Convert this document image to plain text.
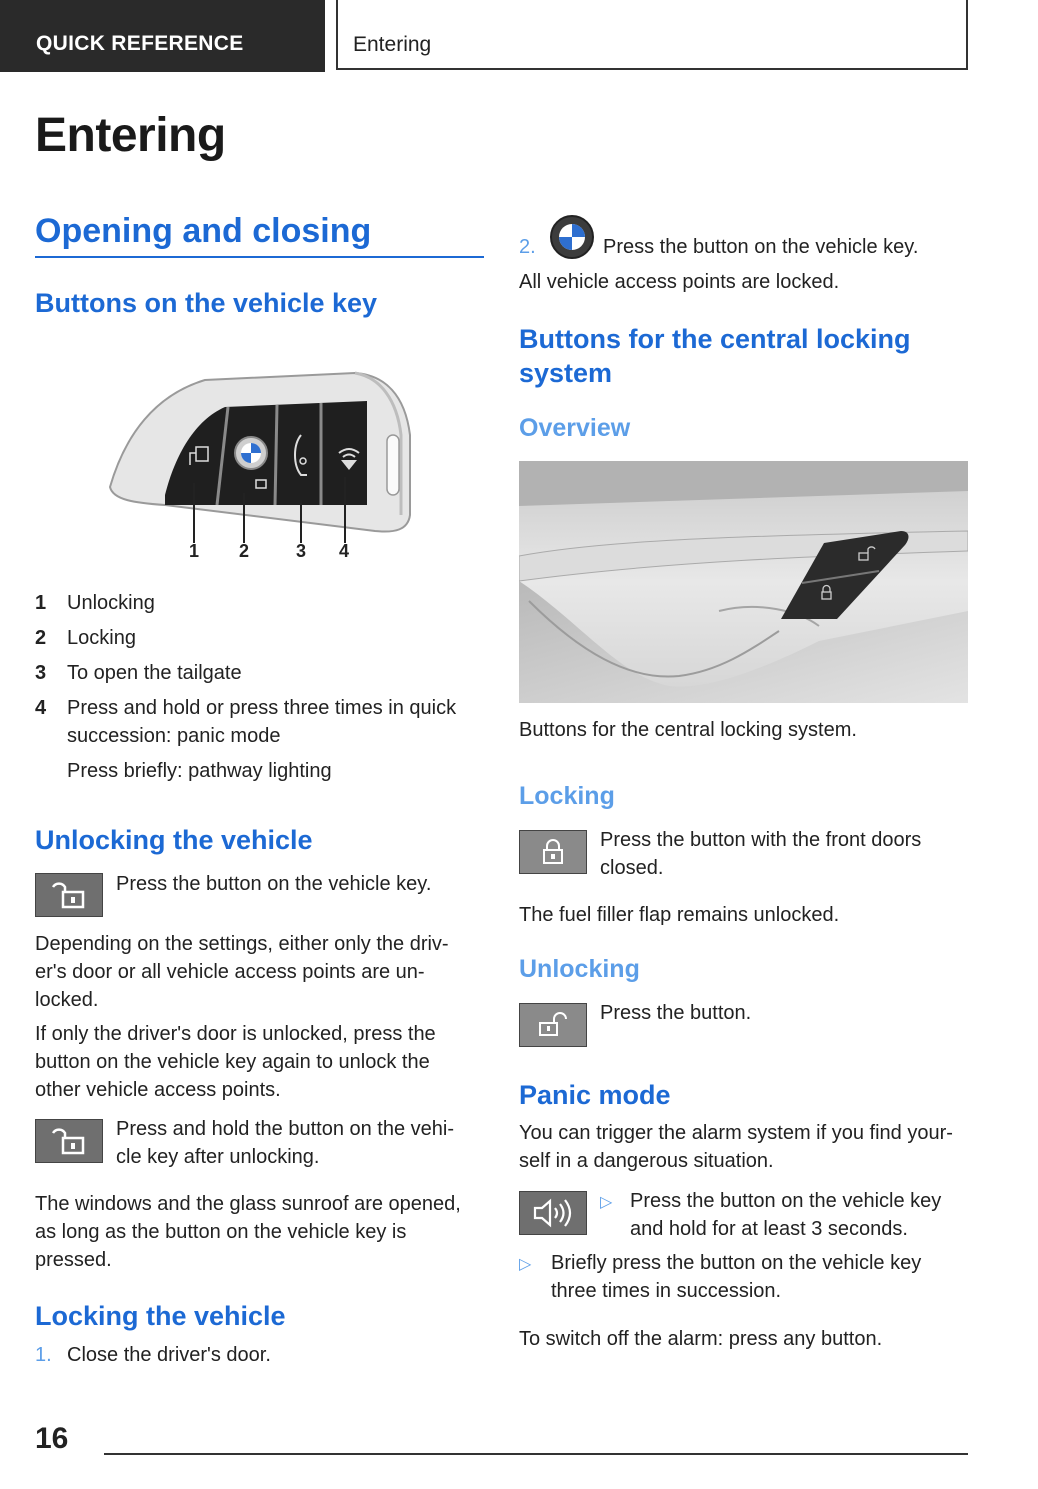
QUICK REFERENCE	Entering
Entering
Opening and closing
Buttons on the vehicle key
1 2	3 4
1	Unlocking
2	Locking
3	To open the tailgate
4	Press and hold or press three times in quick succession: panic mode
Press briefly: pathway lighting
Unlocking the vehicle
Press the button on the vehicle key.
Depending on the settings, either only the driv-er's door or all vehicle access points are un-locked.
If only the driver's door is unlocked, press the button on the vehicle key again to unlock the other vehicle access points.
Press and hold the button on the vehi-cle key after unlocking.
The windows and the glass sunroof are opened, as long as the button on the vehicle key is pressed.
Locking the vehicle
1. Close the driver's door.
2.	Press the button on the vehicle key.
All vehicle access points are locked.
Buttons for the central locking system
Overview
Buttons for the central locking system.
Locking
Press the button with the front doors closed.
The fuel filler flap remains unlocked.
Unlocking
Press the button.
Panic mode
You can trigger the alarm system if you find your-self in a dangerous situation.
▷ Press the button on the vehicle key and hold for at least 3 seconds.
▷ Briefly press the button on the vehicle key three times in succession.
To switch off the alarm: press any button.
16
